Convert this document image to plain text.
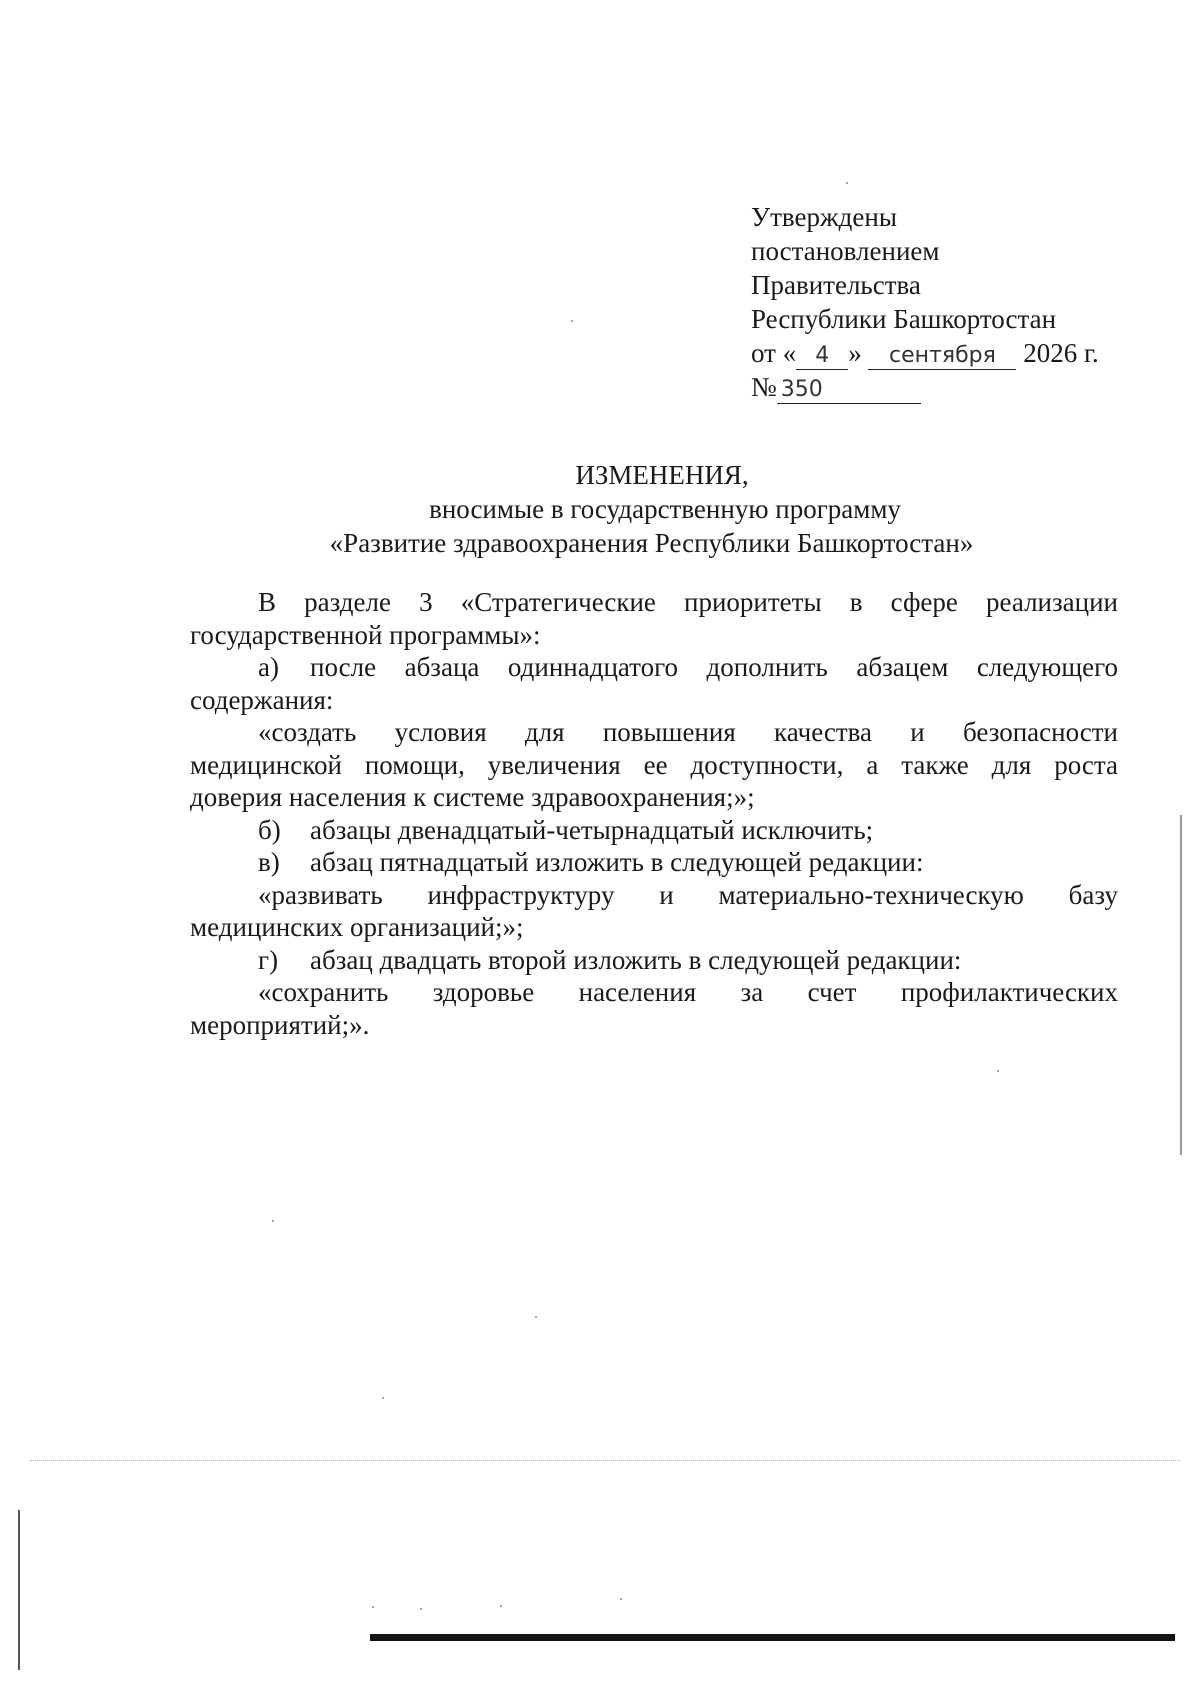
Утверждены
постановлением
Правительства
Республики Башкортостан
от « 4 » сентября 2026 г.
№ 350
ИЗМЕНЕНИЯ,
вносимые в государственную программу
«Развитие здравоохранения Республики Башкортостан»

В разделе 3 «Стратегические приоритеты в сфере реализации

государственной программы»:

а) после абзаца одиннадцатого дополнить абзацем следующего

содержания:

«создать условия для повышения качества и безопасности

медицинской помощи, увеличения ее доступности, а также для роста

доверия населения к системе здравоохранения;»;

б) абзацы двенадцатый-четырнадцатый исключить;

в) абзац пятнадцатый изложить в следующей редакции:

«развивать инфраструктуру и материально-техническую базу

медицинских организаций;»;

г) абзац двадцать второй изложить в следующей редакции:

«сохранить здоровье населения за счет профилактических

мероприятий;».
